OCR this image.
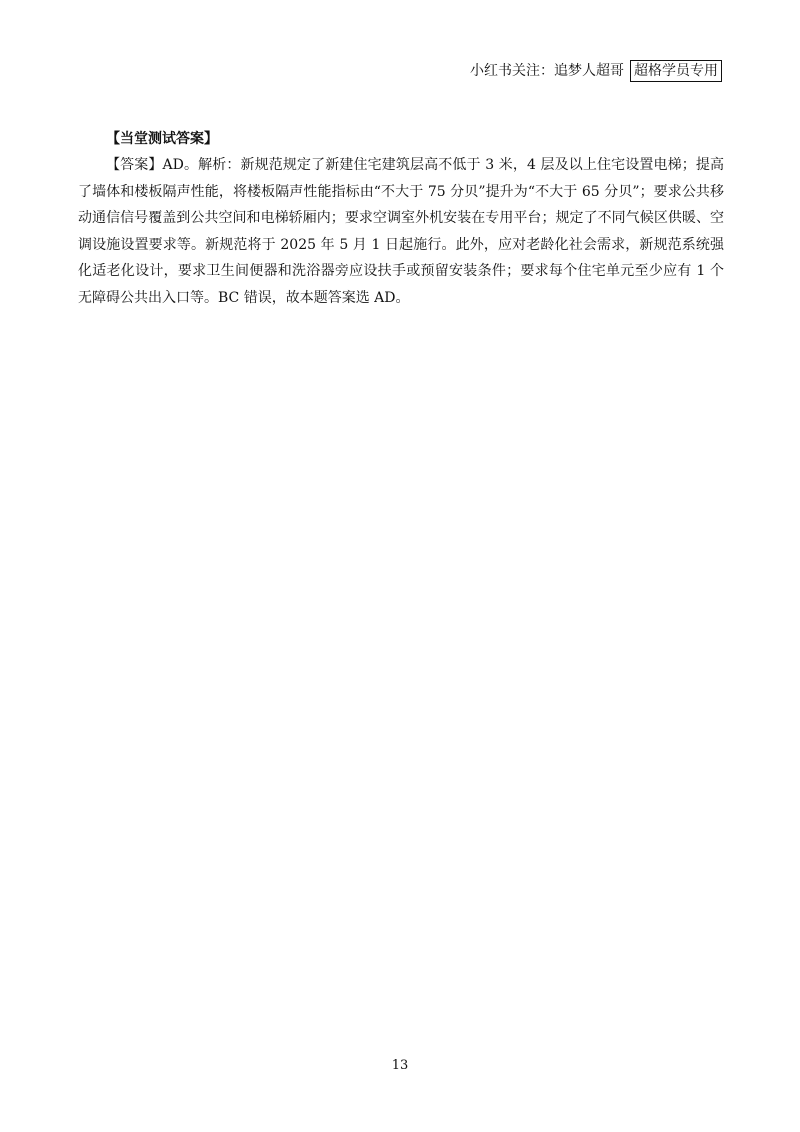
小红书关注：追梦人超哥 超格学员专用

【当堂测试答案】

【答案】AD。解析：新规范规定了新建住宅建筑层高不低于 3 米，4 层及以上住宅设置电梯；提高了墙体和楼板隔声性能，将楼板隔声性能指标由“不大于 75 分贝”提升为“不大于 65 分贝”；要求公共移动通信信号覆盖到公共空间和电梯轿厢内；要求空调室外机安装在专用平台；规定了不同气候区供暖、空调设施设置要求等。新规范将于 2025 年 5 月 1 日起施行。此外，应对老龄化社会需求，新规范系统强化适老化设计，要求卫生间便器和洗浴器旁应设扶手或预留安装条件；要求每个住宅单元至少应有 1 个无障碍公共出入口等。BC 错误，故本题答案选 AD。

13
